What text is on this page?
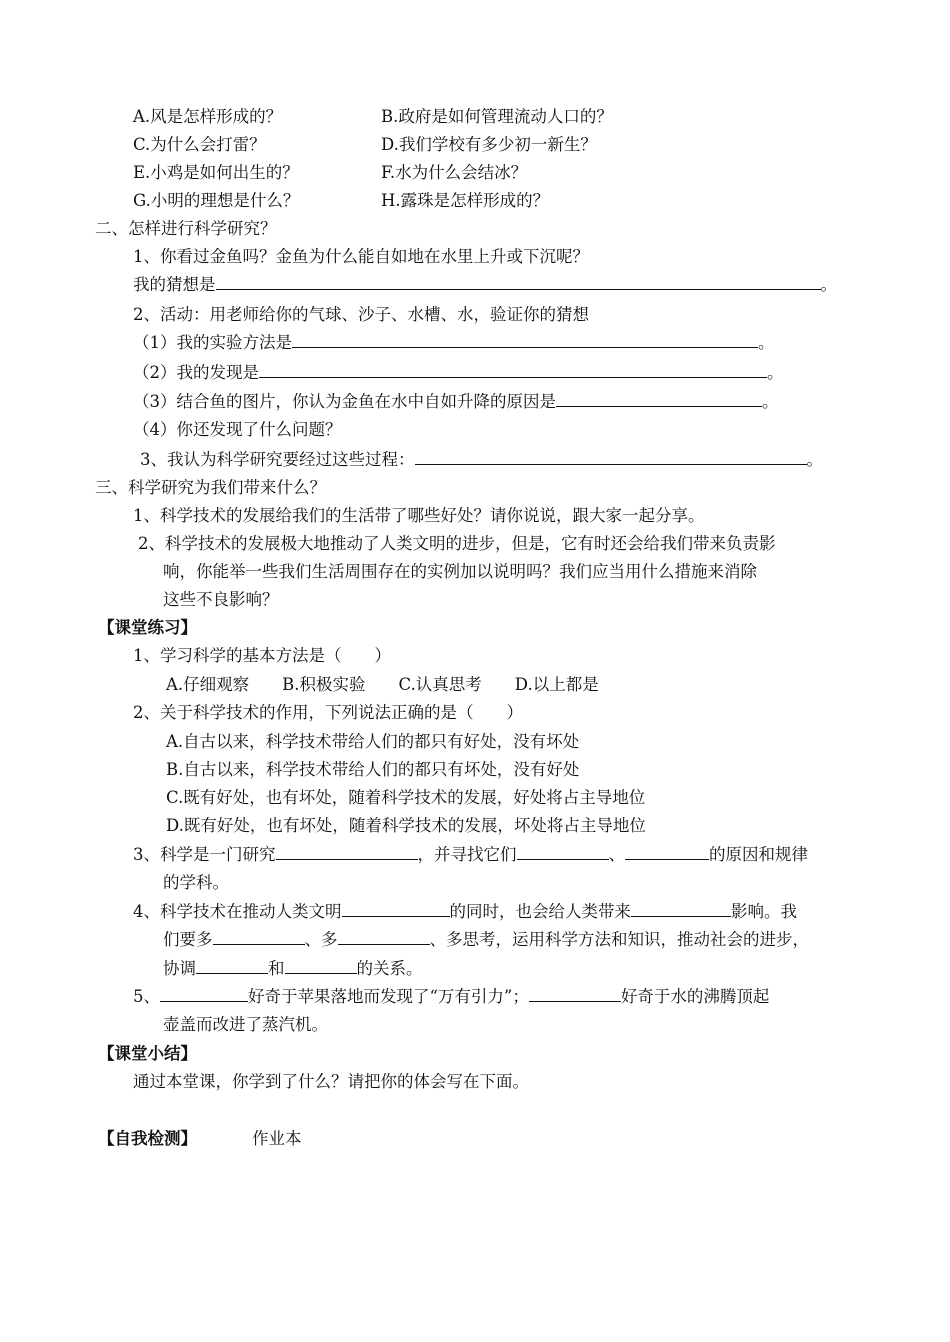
A.风是怎样形成的？	B.政府是如何管理流动人口的？
C.为什么会打雷？	D.我们学校有多少初一新生？
E.小鸡是如何出生的？	F.水为什么会结冰？
G.小明的理想是什么？	H.露珠是怎样形成的？
二、怎样进行科学研究？
1、你看过金鱼吗？金鱼为什么能自如地在水里上升或下沉呢？
我的猜想是	。
2、活动：用老师给你的气球、沙子、水槽、水，验证你的猜想
（1）我的实验方法是	。
（2）我的发现是	。
（3）结合鱼的图片，你认为金鱼在水中自如升降的原因是	。
（4）你还发现了什么问题？
3、我认为科学研究要经过这些过程：	。
三、科学研究为我们带来什么？
1、科学技术的发展给我们的生活带了哪些好处？请你说说，跟大家一起分享。
2、科学技术的发展极大地推动了人类文明的进步，但是，它有时还会给我们带来负责影
响，你能举一些我们生活周围存在的实例加以说明吗？我们应当用什么措施来消除
这些不良影响？
【课堂练习】
1、学习科学的基本方法是（　　）
A.仔细观察　　B.积极实验　　C.认真思考　　D.以上都是
2、关于科学技术的作用，下列说法正确的是（　　）
A.自古以来，科学技术带给人们的都只有好处，没有坏处
B.自古以来，科学技术带给人们的都只有坏处，没有好处
C.既有好处，也有坏处，随着科学技术的发展，好处将占主导地位
D.既有好处，也有坏处，随着科学技术的发展，坏处将占主导地位
3、科学是一门研究	，并寻找它们	、	的原因和规律
的学科。
4、科学技术在推动人类文明	的同时，也会给人类带来	影响。我
们要多	、多	、多思考，运用科学方法和知识，推动社会的进步，
协调	和	的关系。
5、	好奇于苹果落地而发现了“万有引力”；	好奇于水的沸腾顶起
壶盖而改进了蒸汽机。
【课堂小结】
通过本堂课，你学到了什么？请把你的体会写在下面。
【自我检测】	作业本
